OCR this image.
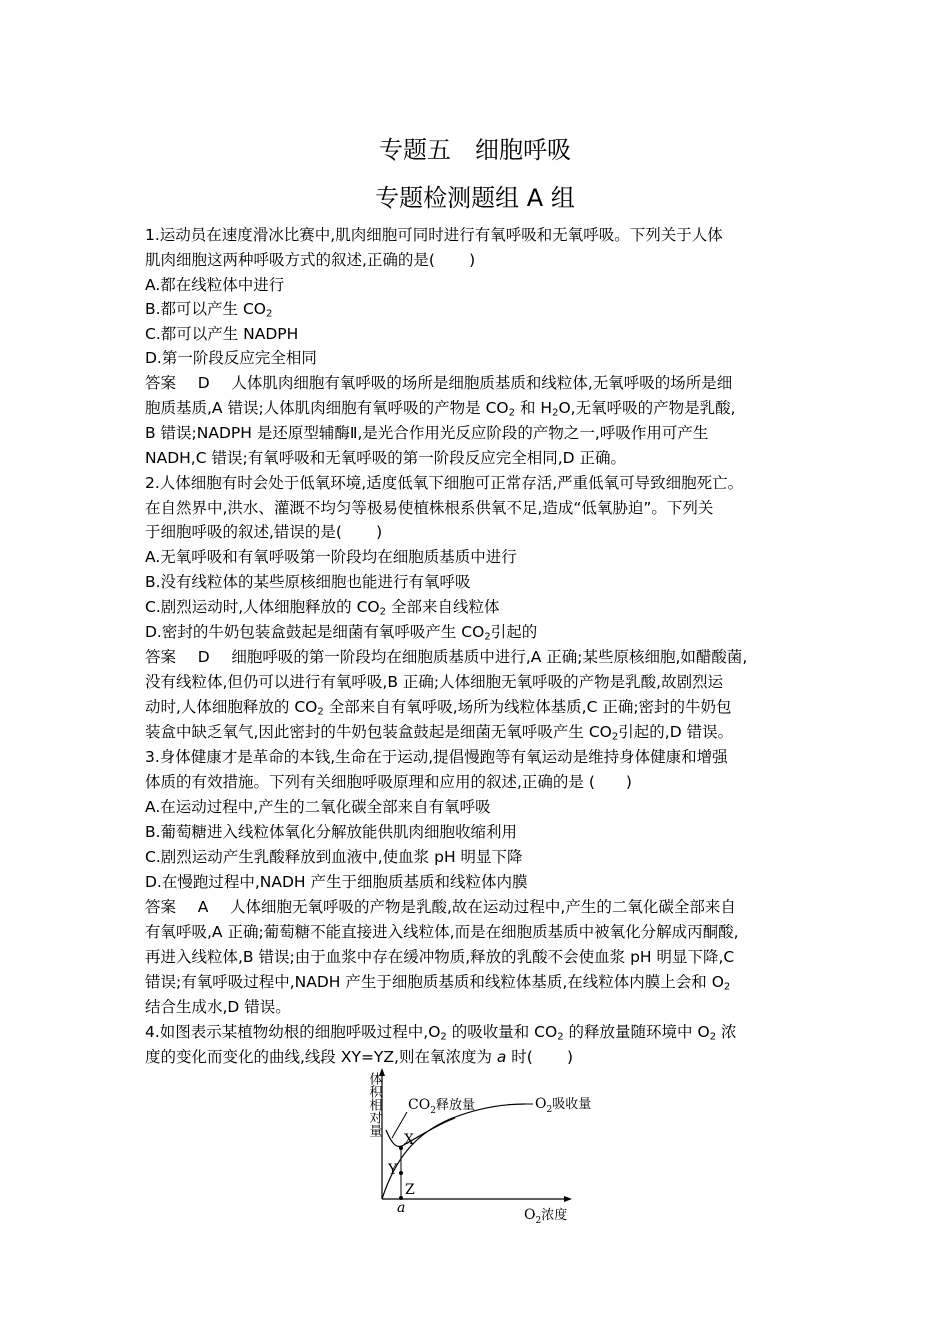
专题五　细胞呼吸
专题检测题组 A 组
1.运动员在速度滑冰比赛中,肌肉细胞可同时进行有氧呼吸和无氧呼吸。下列关于人体
肌肉细胞这两种呼吸方式的叙述,正确的是( )
A.都在线粒体中进行
B.都可以产生 $CO_2$
C.都可以产生 NADPH
D.第一阶段反应完全相同
答案 D 人体肌肉细胞有氧呼吸的场所是细胞质基质和线粒体,无氧呼吸的场所是细
胞质基质,A 错误;人体肌肉细胞有氧呼吸的产物是 $CO_2$ 和 $H_2O$,无氧呼吸的产物是乳酸,
B 错误;NADPH 是还原型辅酶Ⅱ,是光合作用光反应阶段的产物之一,呼吸作用可产生
NADH,C 错误;有氧呼吸和无氧呼吸的第一阶段反应完全相同,D 正确。
2.人体细胞有时会处于低氧环境,适度低氧下细胞可正常存活,严重低氧可导致细胞死亡。
在自然界中,洪水、灌溉不均匀等极易使植株根系供氧不足,造成“低氧胁迫”。下列关
于细胞呼吸的叙述,错误的是( )
A.无氧呼吸和有氧呼吸第一阶段均在细胞质基质中进行
B.没有线粒体的某些原核细胞也能进行有氧呼吸
C.剧烈运动时,人体细胞释放的 $CO_2$ 全部来自线粒体
D.密封的牛奶包装盒鼓起是细菌有氧呼吸产生 $CO_2$引起的
答案 D 细胞呼吸的第一阶段均在细胞质基质中进行,A 正确;某些原核细胞,如醋酸菌,
没有线粒体,但仍可以进行有氧呼吸,B 正确;人体细胞无氧呼吸的产物是乳酸,故剧烈运
动时,人体细胞释放的 $CO_2$ 全部来自有氧呼吸,场所为线粒体基质,C 正确;密封的牛奶包
装盒中缺乏氧气,因此密封的牛奶包装盒鼓起是细菌无氧呼吸产生 $CO_2$引起的,D 错误。
3.身体健康才是革命的本钱,生命在于运动,提倡慢跑等有氧运动是维持身体健康和增强
体质的有效措施。下列有关细胞呼吸原理和应用的叙述,正确的是 ( )
A.在运动过程中,产生的二氧化碳全部来自有氧呼吸
B.葡萄糖进入线粒体氧化分解放能供肌肉细胞收缩利用
C.剧烈运动产生乳酸释放到血液中,使血浆 pH 明显下降
D.在慢跑过程中,NADH 产生于细胞质基质和线粒体内膜
答案 A 人体细胞无氧呼吸的产物是乳酸,故在运动过程中,产生的二氧化碳全部来自
有氧呼吸,A 正确;葡萄糖不能直接进入线粒体,而是在细胞质基质中被氧化分解成丙酮酸,
再进入线粒体,B 错误;由于血浆中存在缓冲物质,释放的乳酸不会使血浆 pH 明显下降,C
错误;有氧呼吸过程中,NADH 产生于细胞质基质和线粒体基质,在线粒体内膜上会和 $O_2$
结合生成水,D 错误。
4.如图表示某植物幼根的细胞呼吸过程中$,O_2$ 的吸收量和 $CO_2$ 的释放量随环境中 $O_2$ 浓
度的变化而变化的曲线,线段 XY=YZ,则在氧浓度为 a 时( )
体积相对量 $CO_2$释放量	$O_2$吸收量
X
Y
Z
a	$O_2$浓度
